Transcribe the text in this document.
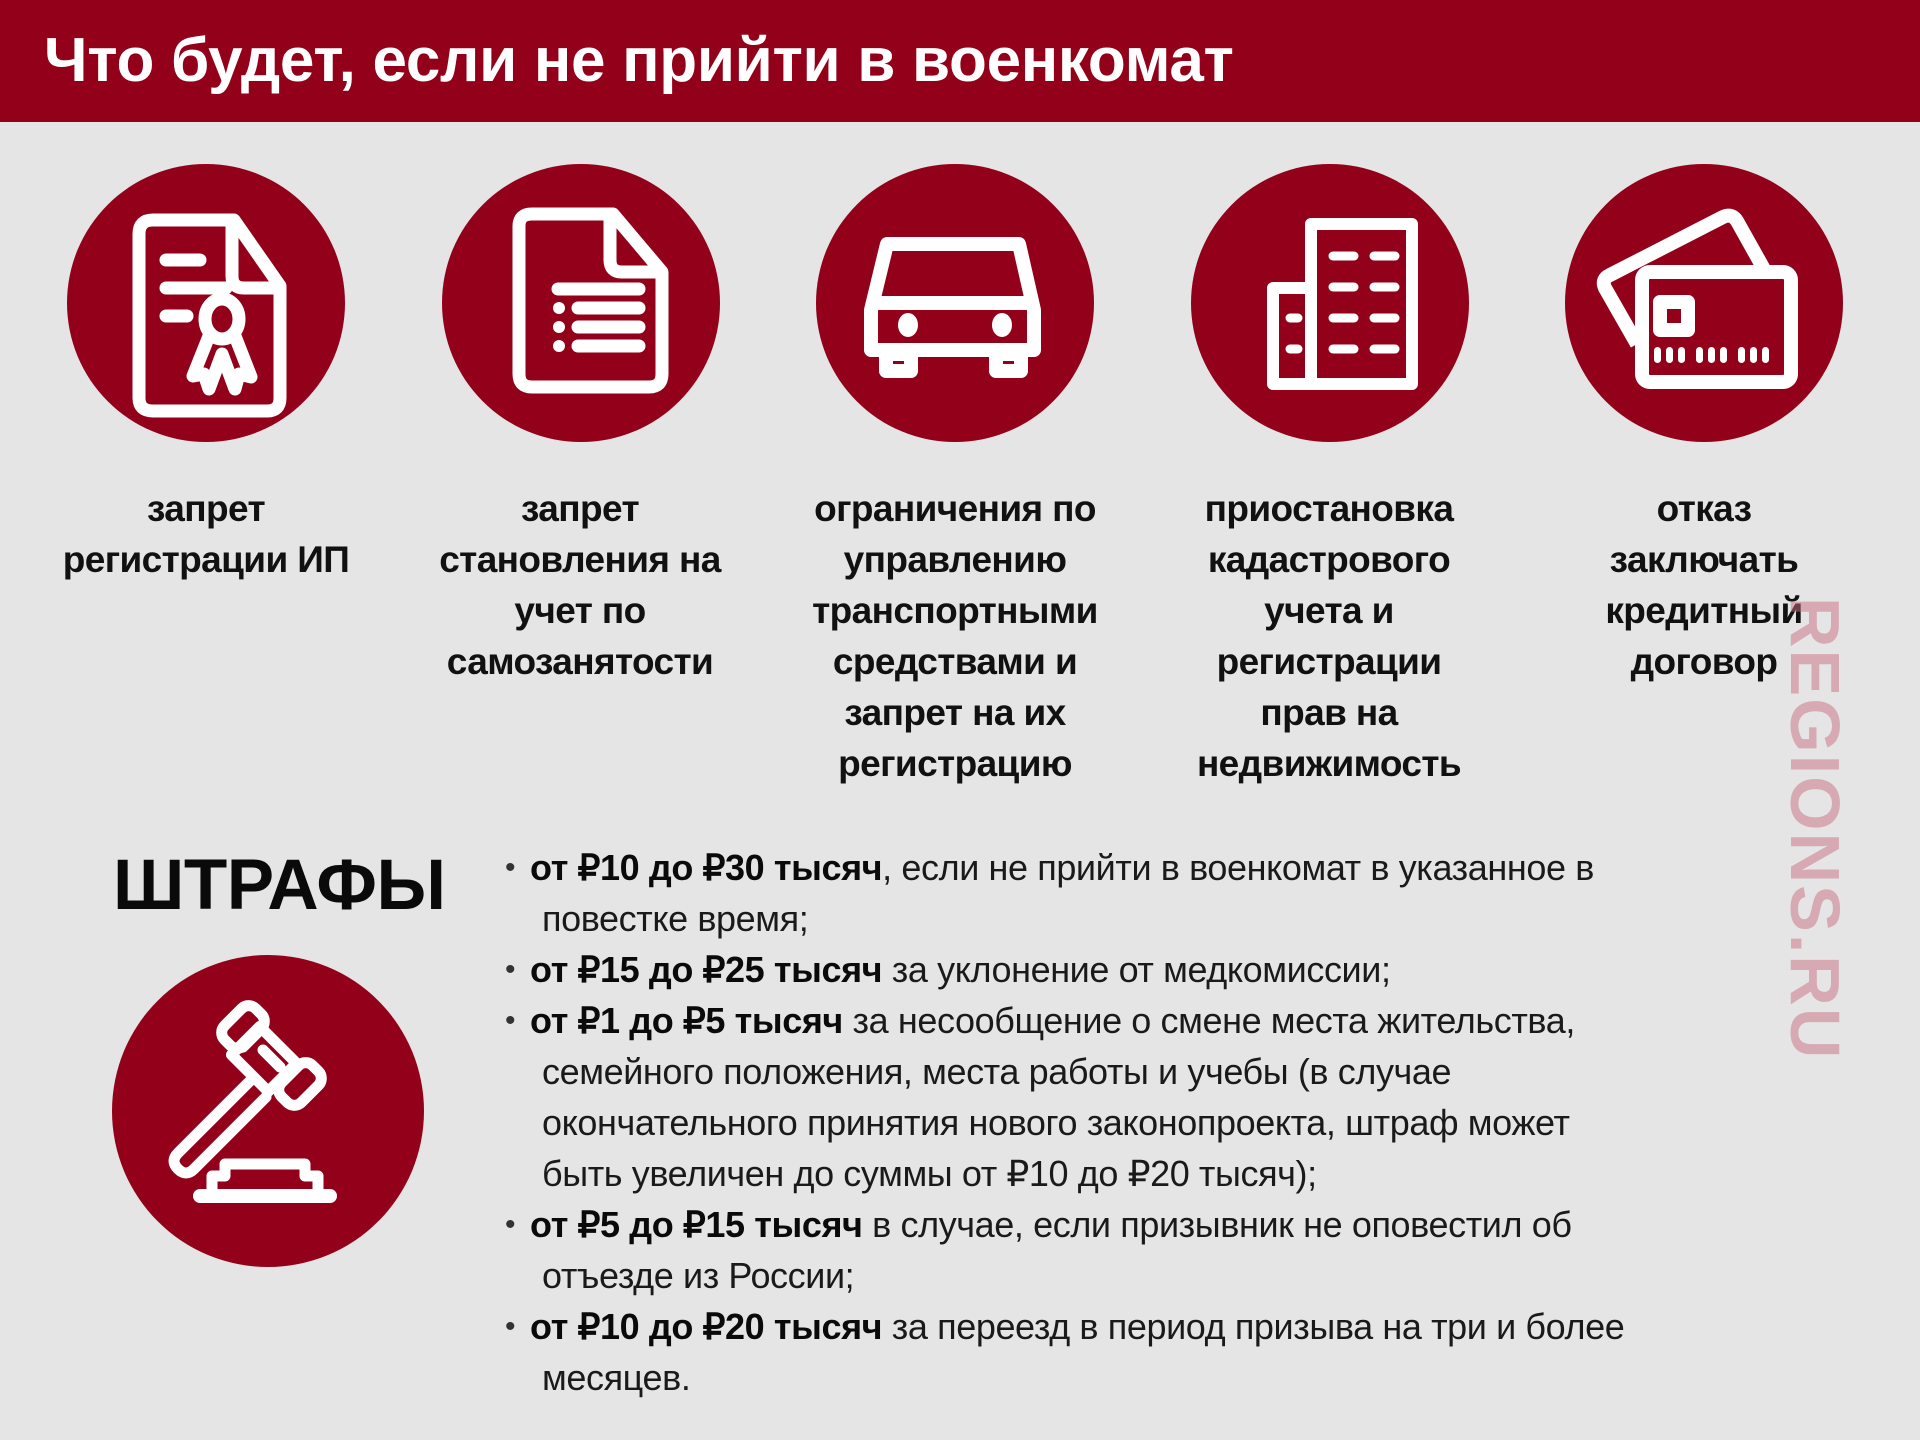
Что будет, если не прийти в военкомат
запрет
регистрации ИП
запрет
становления на
учет по
самозанятости
ограничения по
управлению
транспортными
средствами и
запрет на их
регистрацию
приостановка
кадастрового
учета и
регистрации
прав на
недвижимость
отказ
заключать
кредитный
договор
ШТРАФЫ • от ₽10 до ₽30 тысяч, если не прийти в военкомат в указанное в
повестке время;
• от ₽15 до ₽25 тысяч за уклонение от медкомиссии;
• от ₽1 до ₽5 тысяч за несообщение о смене места жительства,
семейного положения, места работы и учебы (в случае
окончательного принятия нового законопроекта, штраф может
быть увеличен до суммы от ₽10 до ₽20 тысяч);
• от ₽5 до ₽15 тысяч в случае, если призывник не оповестил об
отъезде из России;
• от ₽10 до ₽20 тысяч за переезд в период призыва на три и более
месяцев.
REGIONS.RU
